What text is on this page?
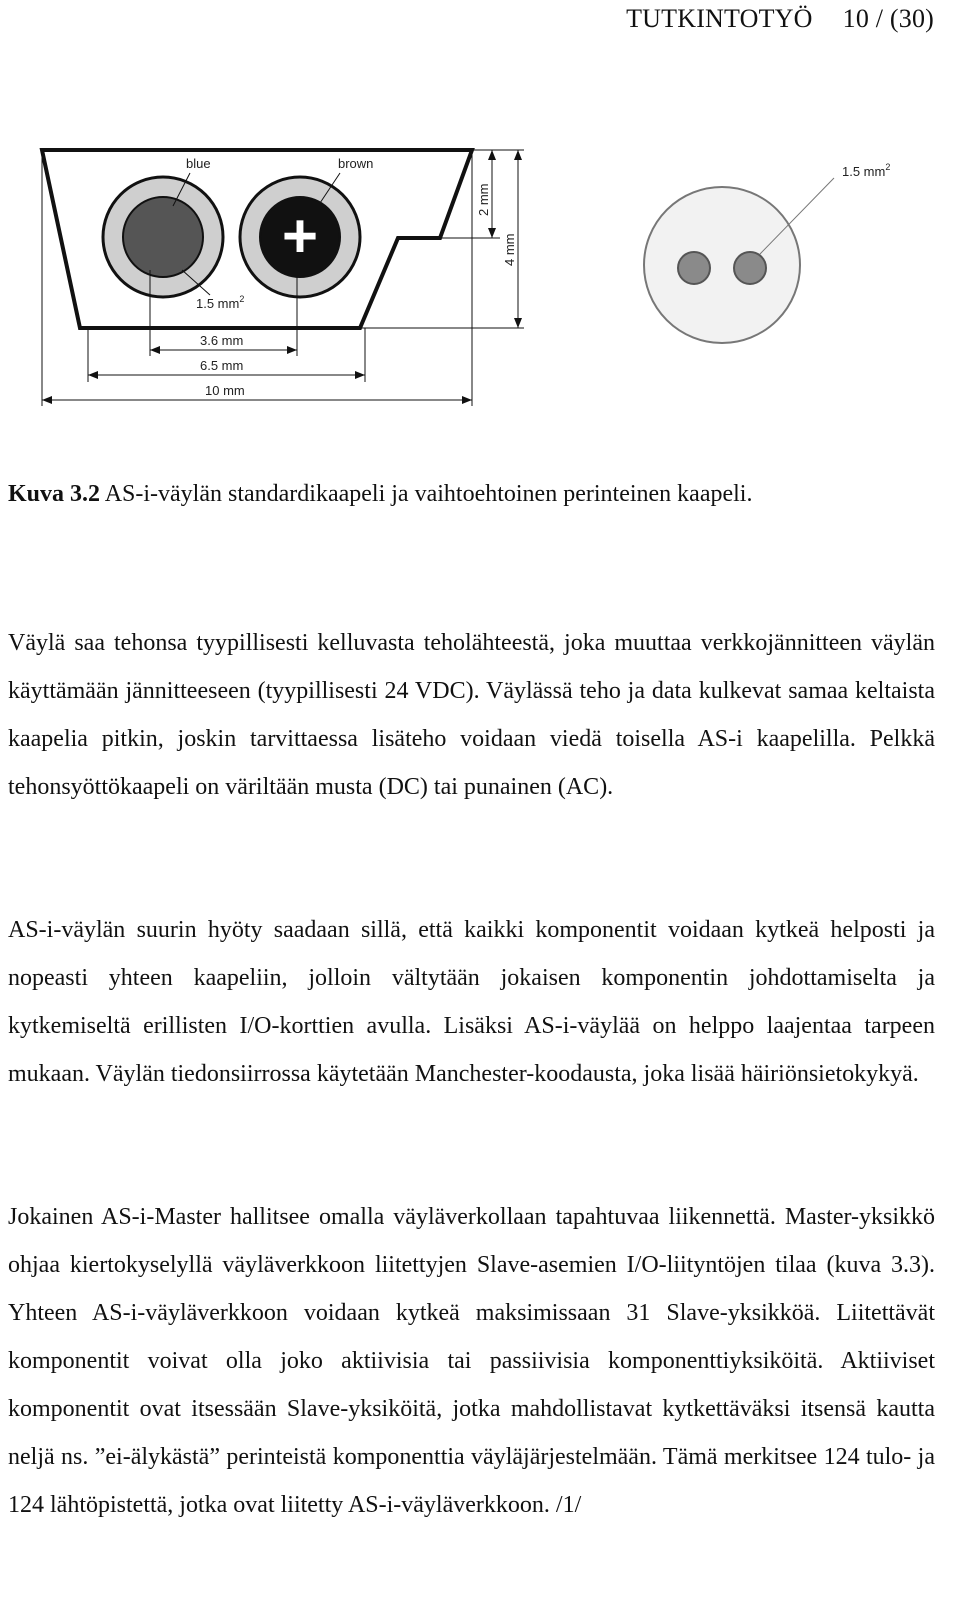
TUTKINTOTYÖ 10 / (30)
+
blue	brown
2 mm
4 mm
1.5 $mm^2$
3.6 mm
6.5 mm
10 mm
1.5 $mm^2$
Kuva 3.2 AS-i-väylän standardikaapeli ja vaihtoehtoinen perinteinen kaapeli.
Väylä saa tehonsa tyypillisesti kelluvasta teholähteestä, joka muuttaa verkkojännitteen väylän käyttämään jännitteeseen (tyypillisesti 24 VDC). Väylässä teho ja data kulkevat samaa keltaista kaapelia pitkin, joskin tarvittaessa lisäteho voidaan viedä toisella AS-i kaapelilla. Pelkkä tehonsyöttökaapeli on väriltään musta (DC) tai punainen (AC).
AS-i-väylän suurin hyöty saadaan sillä, että kaikki komponentit voidaan kytkeä helposti ja nopeasti yhteen kaapeliin, jolloin vältytään jokaisen komponentin johdottamiselta ja kytkemiseltä erillisten I/O-korttien avulla. Lisäksi AS-i-väylää on helppo laajentaa tarpeen mukaan. Väylän tiedonsiirrossa käytetään Manchester-koodausta, joka lisää häiriönsietokykyä.
Jokainen AS-i-Master hallitsee omalla väyläverkollaan tapahtuvaa liikennettä. Master-yksikkö ohjaa kiertokyselyllä väyläverkkoon liitettyjen Slave-asemien I/O-liityntöjen tilaa (kuva 3.3). Yhteen AS-i-väyläverkkoon voidaan kytkeä maksimissaan 31 Slave-yksikköä. Liitettävät komponentit voivat olla joko aktiivisia tai passiivisia komponenttiyksiköitä. Aktiiviset komponentit ovat itsessään Slave-yksiköitä, jotka mahdollistavat kytkettäväksi itsensä kautta neljä ns. ”ei-älykästä” perinteistä komponenttia väyläjärjestelmään. Tämä merkitsee 124 tulo- ja 124 lähtöpistettä, jotka ovat liitetty AS-i-väyläverkkoon. /1/
